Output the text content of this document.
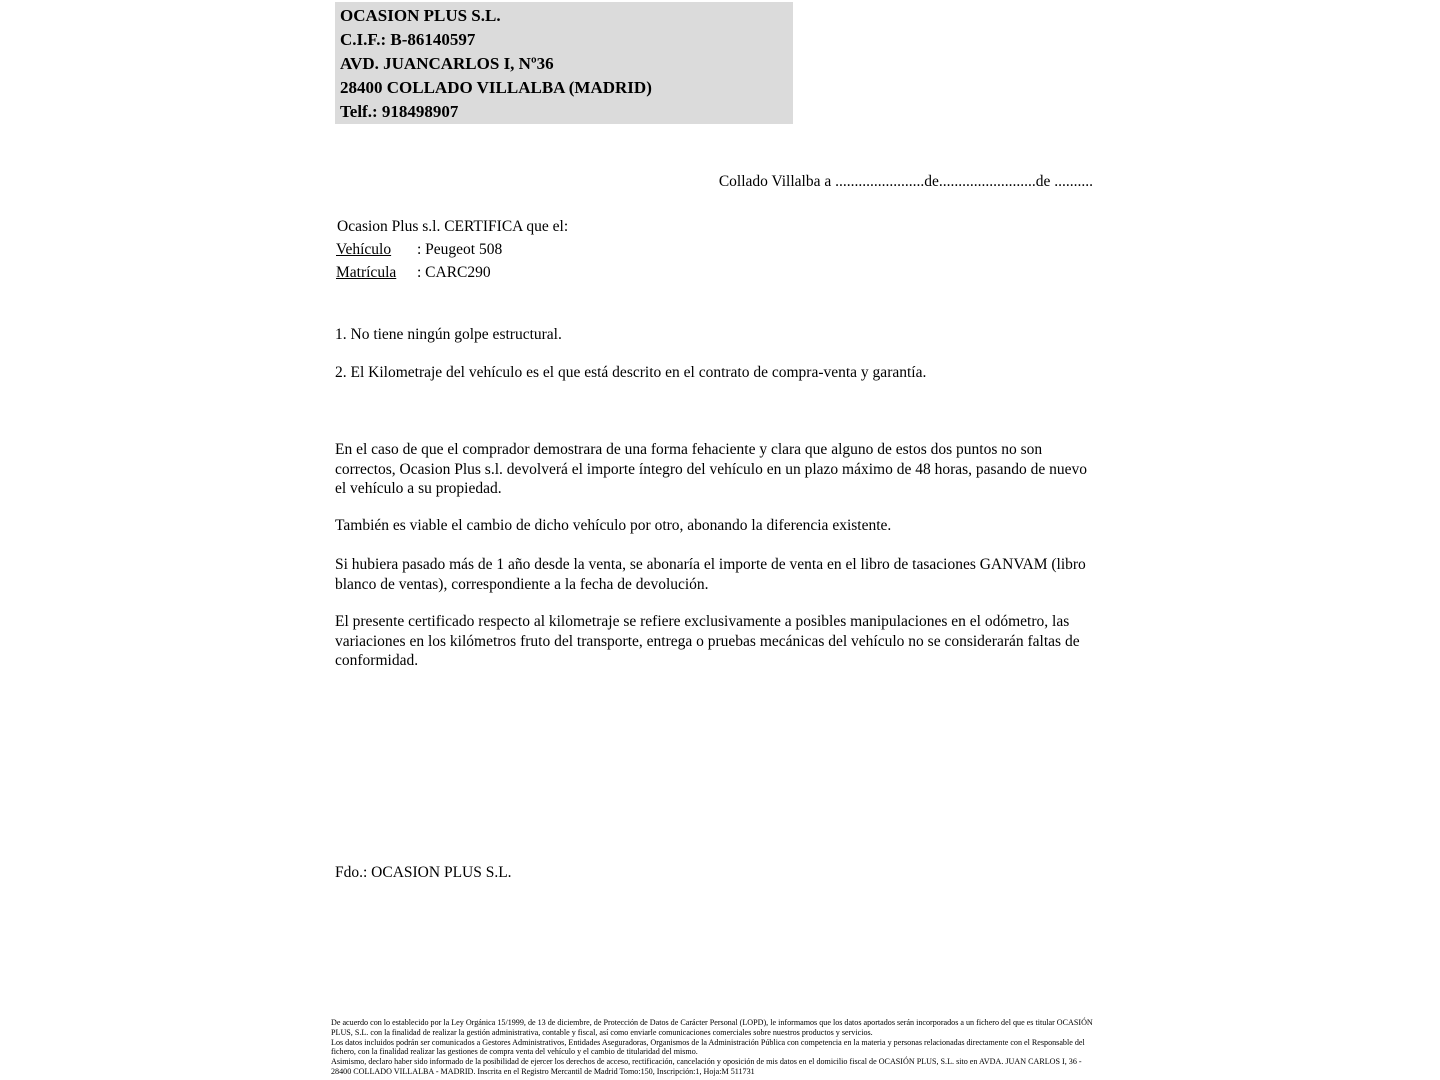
OCASION PLUS S.L.
C.I.F.: B-86140597
AVD. JUANCARLOS I, Nº36
28400 COLLADO VILLALBA (MADRID)
Telf.: 918498907
Collado Villalba a .......................de.........................de ..........
Ocasion Plus s.l. CERTIFICA que el:
Vehículo : Peugeot 508
Matrícula : CARC290
1. No tiene ningún golpe estructural.
2. El Kilometraje del vehículo es el que está descrito en el contrato de compra-venta y garantía.
En el caso de que el comprador demostrara de una forma fehaciente y clara que alguno de estos dos puntos no son correctos, Ocasion Plus s.l. devolverá el importe íntegro del vehículo en un plazo máximo de 48 horas, pasando de nuevo el vehículo a su propiedad.
También es viable el cambio de dicho vehículo por otro, abonando la diferencia existente.
Si hubiera pasado más de 1 año desde la venta, se abonaría el importe de venta en el libro de tasaciones GANVAM (libro blanco de ventas), correspondiente a la fecha de devolución.
El presente certificado respecto al kilometraje se refiere exclusivamente a posibles manipulaciones en el odómetro, las variaciones en los kilómetros fruto del transporte, entrega o pruebas mecánicas del vehículo no se considerarán faltas de conformidad.
Fdo.: OCASION PLUS S.L.

De acuerdo con lo establecido por la Ley Orgánica 15/1999, de 13 de diciembre, de Protección de Datos de Carácter Personal (LOPD), le informamos que los datos aportados serán incorporados a un fichero del que es titular OCASIÓN PLUS, S.L. con la finalidad de realizar la gestión administrativa, contable y fiscal, así como enviarle comunicaciones comerciales sobre nuestros productos y servicios.

Los datos incluidos podrán ser comunicados a Gestores Administrativos, Entidades Aseguradoras, Organismos de la Administración Pública con competencia en la materia y personas relacionadas directamente con el Responsable del fichero, con la finalidad realizar las gestiones de compra venta del vehículo y el cambio de titularidad del mismo.

Asimismo, declaro haber sido informado de la posibilidad de ejercer los derechos de acceso, rectificación, cancelación y oposición de mis datos en el domicilio fiscal de OCASIÓN PLUS, S.L. sito en AVDA. JUAN CARLOS I, 36 - 28400 COLLADO VILLALBA - MADRID. Inscrita en el Registro Mercantil de Madrid Tomo:150, Inscripción:1, Hoja:M 511731
